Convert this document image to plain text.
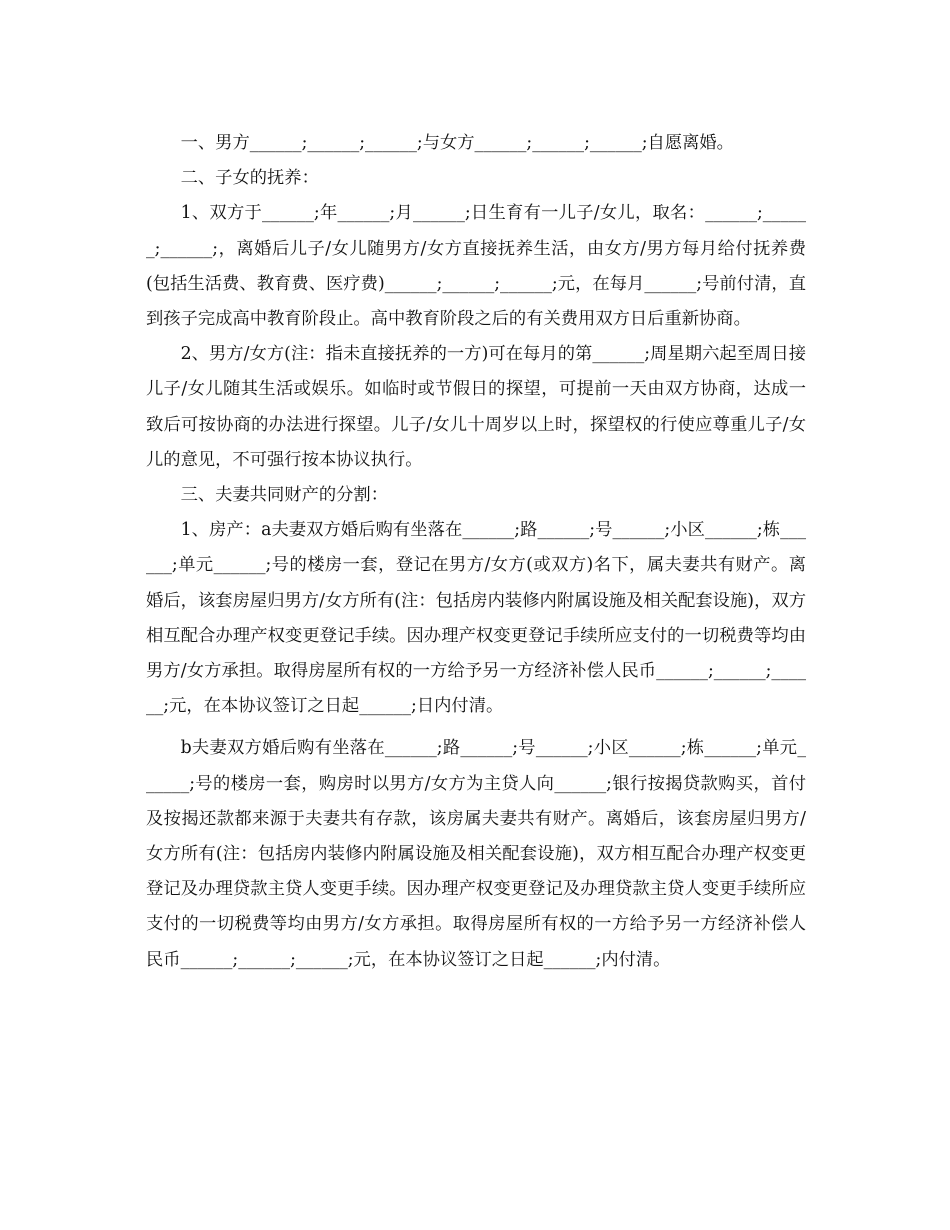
一、男方______;______;______;与女方______;______;______;自愿离婚。

二、子女的抚养：

1、双方于______;年______;月______;日生育有一儿子/女儿，取名：______;______;______;，离婚后儿子/女儿随男方/女方直接抚养生活，由女方/男方每月给付抚养费(包括生活费、教育费、医疗费)______;______;______;元，在每月______;号前付清，直到孩子完成高中教育阶段止。高中教育阶段之后的有关费用双方日后重新协商。

2、男方/女方(注：指未直接抚养的一方)可在每月的第______;周星期六起至周日接儿子/女儿随其生活或娱乐。如临时或节假日的探望，可提前一天由双方协商，达成一致后可按协商的办法进行探望。儿子/女儿十周岁以上时，探望权的行使应尊重儿子/女儿的意见，不可强行按本协议执行。

三、夫妻共同财产的分割：

1、房产：a夫妻双方婚后购有坐落在______;路______;号______;小区______;栋______;单元______;号的楼房一套，登记在男方/女方(或双方)名下，属夫妻共有财产。离婚后，该套房屋归男方/女方所有(注：包括房内装修内附属设施及相关配套设施)，双方相互配合办理产权变更登记手续。因办理产权变更登记手续所应支付的一切税费等均由男方/女方承担。取得房屋所有权的一方给予另一方经济补偿人民币______;______;______;元，在本协议签订之日起______;日内付清。

b夫妻双方婚后购有坐落在______;路______;号______;小区______;栋______;单元______;号的楼房一套，购房时以男方/女方为主贷人向______;银行按揭贷款购买，首付及按揭还款都来源于夫妻共有存款，该房属夫妻共有财产。离婚后，该套房屋归男方/女方所有(注：包括房内装修内附属设施及相关配套设施)，双方相互配合办理产权变更登记及办理贷款主贷人变更手续。因办理产权变更登记及办理贷款主贷人变更手续所应支付的一切税费等均由男方/女方承担。取得房屋所有权的一方给予另一方经济补偿人民币______;______;______;元，在本协议签订之日起______;内付清。
